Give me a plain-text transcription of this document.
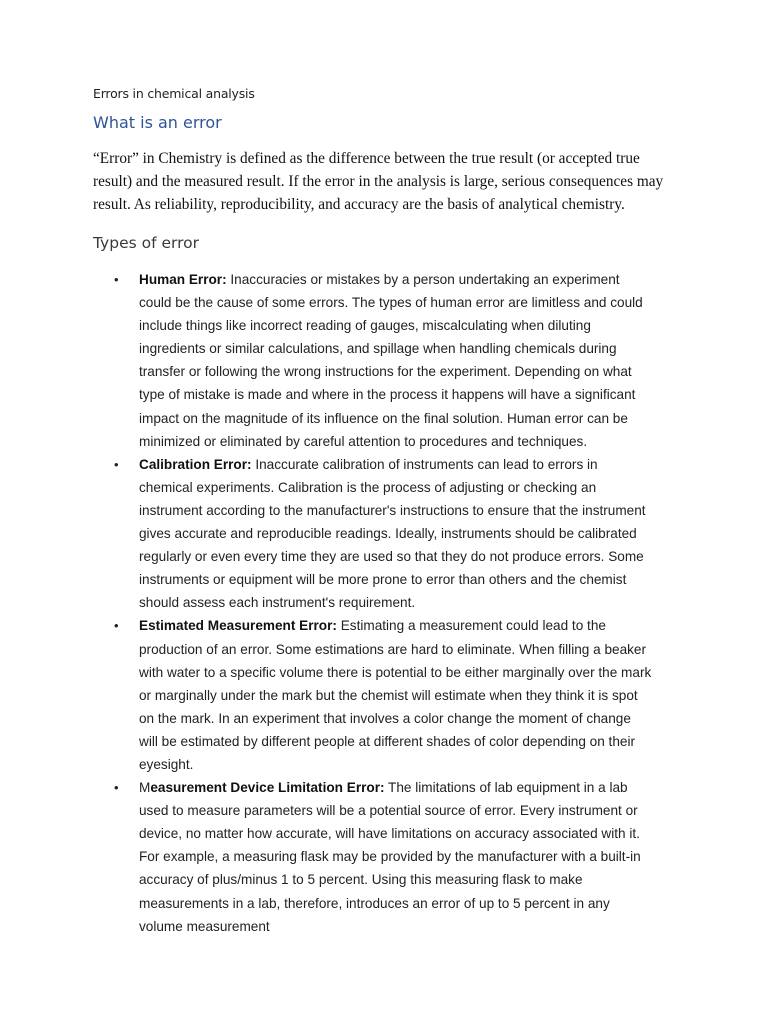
Errors in chemical analysis
What is an error
“Error” in Chemistry is defined as the difference between the true result (or accepted true
result) and the measured result. If the error in the analysis is large, serious consequences may
result. As reliability, reproducibility, and accuracy are the basis of analytical chemistry.
Types of error
• Human Error: Inaccuracies or mistakes by a person undertaking an experiment
could be the cause of some errors. The types of human error are limitless and could
include things like incorrect reading of gauges, miscalculating when diluting
ingredients or similar calculations, and spillage when handling chemicals during
transfer or following the wrong instructions for the experiment. Depending on what
type of mistake is made and where in the process it happens will have a significant
impact on the magnitude of its influence on the final solution. Human error can be
minimized or eliminated by careful attention to procedures and techniques.
• Calibration Error: Inaccurate calibration of instruments can lead to errors in
chemical experiments. Calibration is the process of adjusting or checking an
instrument according to the manufacturer's instructions to ensure that the instrument
gives accurate and reproducible readings. Ideally, instruments should be calibrated
regularly or even every time they are used so that they do not produce errors. Some
instruments or equipment will be more prone to error than others and the chemist
should assess each instrument's requirement.
• Estimated Measurement Error: Estimating a measurement could lead to the
production of an error. Some estimations are hard to eliminate. When filling a beaker
with water to a specific volume there is potential to be either marginally over the mark
or marginally under the mark but the chemist will estimate when they think it is spot
on the mark. In an experiment that involves a color change the moment of change
will be estimated by different people at different shades of color depending on their
eyesight.
• Measurement Device Limitation Error: The limitations of lab equipment in a lab
used to measure parameters will be a potential source of error. Every instrument or
device, no matter how accurate, will have limitations on accuracy associated with it.
For example, a measuring flask may be provided by the manufacturer with a built-in
accuracy of plus/minus 1 to 5 percent. Using this measuring flask to make
measurements in a lab, therefore, introduces an error of up to 5 percent in any
volume measurement
